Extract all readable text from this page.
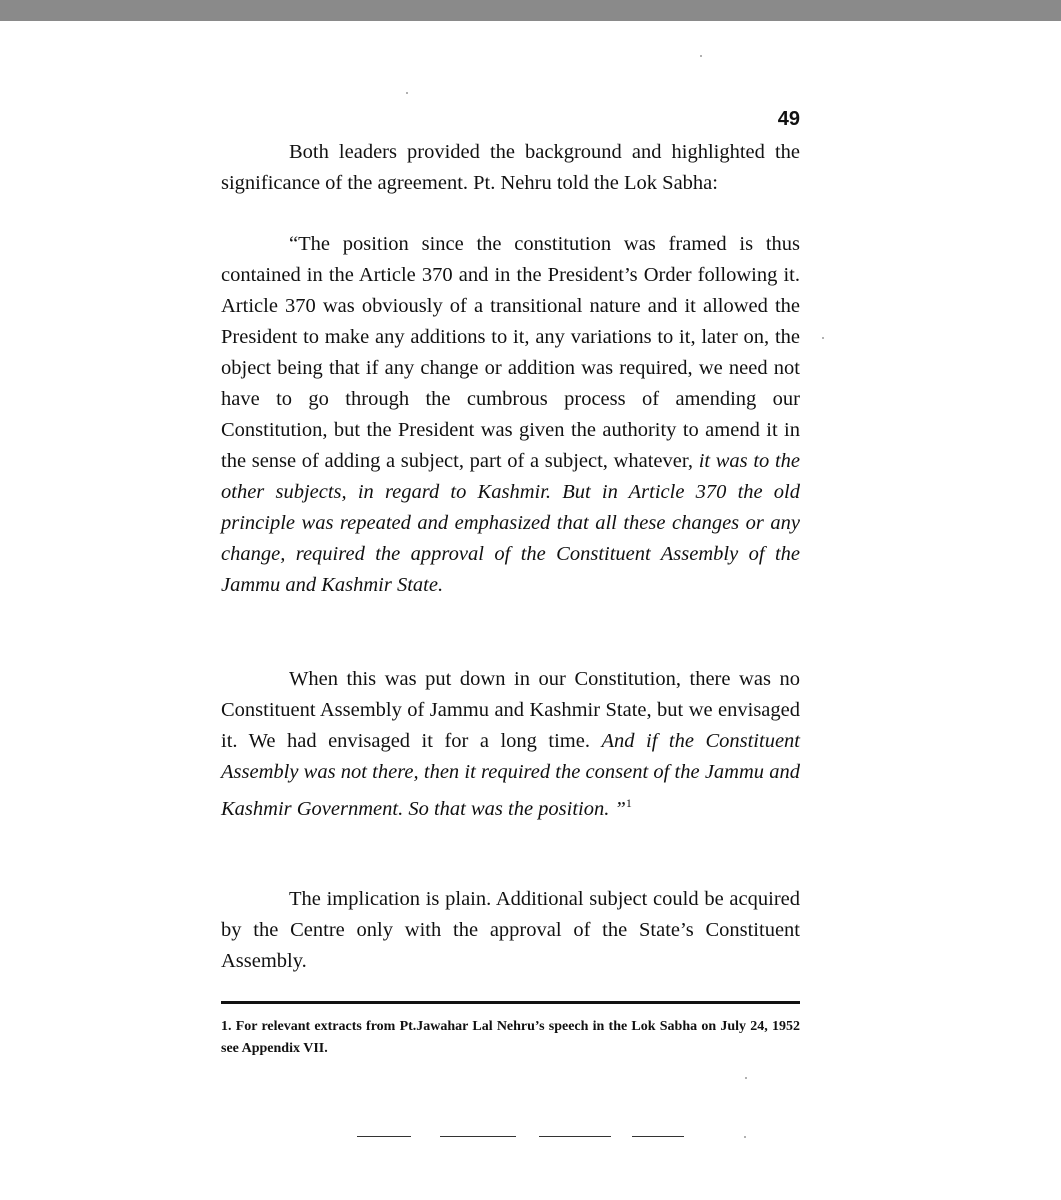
49

Both leaders provided the background and highlighted the significance of the agreement. Pt. Nehru told the Lok Sabha:

“The position since the constitution was framed is thus contained in the Article 370 and in the President’s Order following it. Article 370 was obviously of a transitional nature and it allowed the President to make any additions to it, any variations to it, later on, the object being that if any change or addition was required, we need not have to go through the cumbrous process of amending our Constitution, but the President was given the authority to amend it in the sense of adding a subject, part of a subject, whatever, it was to the other subjects, in regard to Kashmir. But in Article 370 the old principle was repeated and emphasized that all these changes or any change, required the approval of the Constituent Assembly of the Jammu and Kashmir State.

When this was put down in our Constitution, there was no Constituent Assembly of Jammu and Kashmir State, but we envisaged it. We had envisaged it for a long time. And if the Constituent Assembly was not there, then it required the consent of the Jammu and Kashmir Government. So that was the position. ”$^1$

The implication is plain. Additional subject could be acquired by the Centre only with the approval of the State’s Constituent Assembly.

1. For relevant extracts from Pt.Jawahar Lal Nehru’s speech in the Lok Sabha on July 24, 1952 see Appendix VII.
